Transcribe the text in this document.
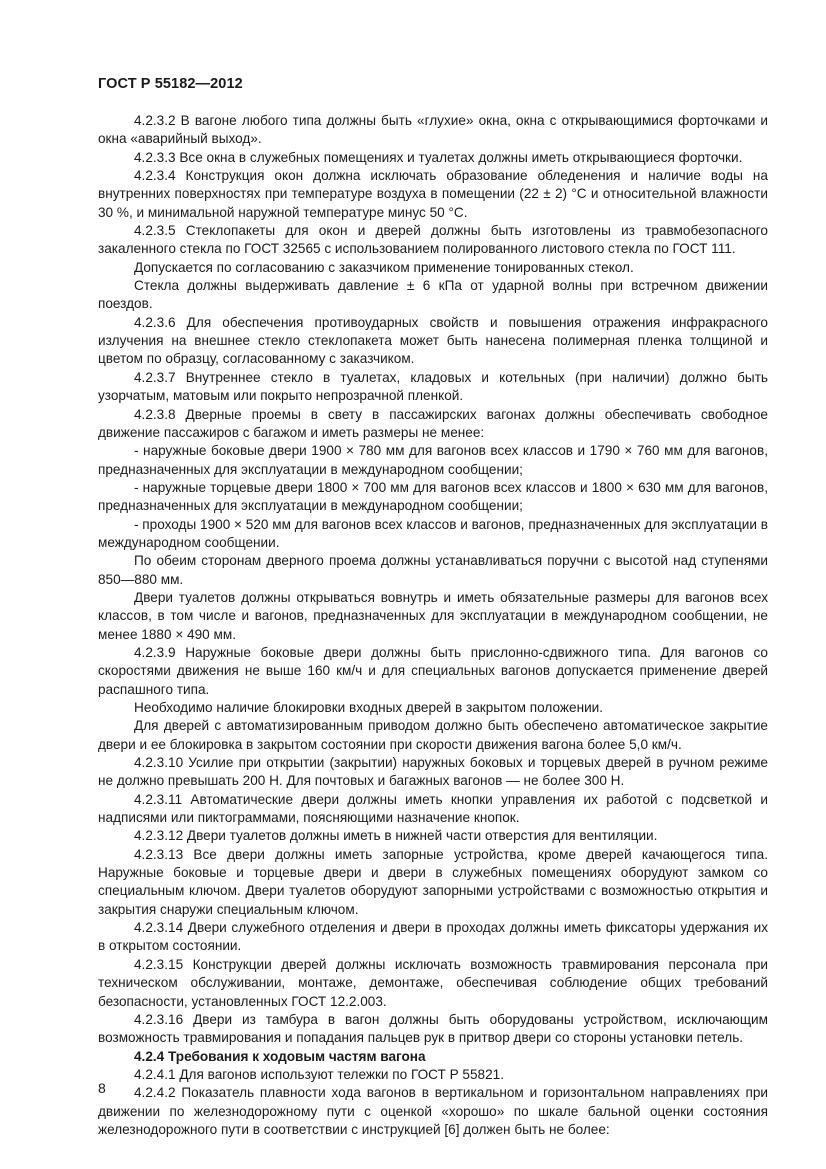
ГОСТ Р 55182—2012

4.2.3.2 В вагоне любого типа должны быть «глухие» окна, окна с открывающимися форточками и окна «аварийный выход».

4.2.3.3 Все окна в служебных помещениях и туалетах должны иметь открывающиеся форточки.

4.2.3.4 Конструкция окон должна исключать образование обледенения и наличие воды на внутренних поверхностях при температуре воздуха в помещении (22 ± 2) °С и относительной влажности 30 %, и минимальной наружной температуре минус 50 °С.

4.2.3.5 Стеклопакеты для окон и дверей должны быть изготовлены из травмобезопасного закаленного стекла по ГОСТ 32565 с использованием полированного листового стекла по ГОСТ 111.

Допускается по согласованию с заказчиком применение тонированных стекол.

Стекла должны выдерживать давление ± 6 кПа от ударной волны при встречном движении поездов.

4.2.3.6 Для обеспечения противоударных свойств и повышения отражения инфракрасного излучения на внешнее стекло стеклопакета может быть нанесена полимерная пленка толщиной и цветом по образцу, согласованному с заказчиком.

4.2.3.7 Внутреннее стекло в туалетах, кладовых и котельных (при наличии) должно быть узорчатым, матовым или покрыто непрозрачной пленкой.

4.2.3.8 Дверные проемы в свету в пассажирских вагонах должны обеспечивать свободное движение пассажиров с багажом и иметь размеры не менее:

- наружные боковые двери 1900 × 780 мм для вагонов всех классов и 1790 × 760 мм для вагонов, предназначенных для эксплуатации в международном сообщении;

- наружные торцевые двери 1800 × 700 мм для вагонов всех классов и 1800 × 630 мм для вагонов, предназначенных для эксплуатации в международном сообщении;

- проходы 1900 × 520 мм для вагонов всех классов и вагонов, предназначенных для эксплуатации в международном сообщении.

По обеим сторонам дверного проема должны устанавливаться поручни с высотой над ступенями 850—880 мм.

Двери туалетов должны открываться вовнутрь и иметь обязательные размеры для вагонов всех классов, в том числе и вагонов, предназначенных для эксплуатации в международном сообщении, не менее 1880 × 490 мм.

4.2.3.9 Наружные боковые двери должны быть прислонно-сдвижного типа. Для вагонов со скоростями движения не выше 160 км/ч и для специальных вагонов допускается применение дверей распашного типа.

Необходимо наличие блокировки входных дверей в закрытом положении.

Для дверей с автоматизированным приводом должно быть обеспечено автоматическое закрытие двери и ее блокировка в закрытом состоянии при скорости движения вагона более 5,0 км/ч.

4.2.3.10 Усилие при открытии (закрытии) наружных боковых и торцевых дверей в ручном режиме не должно превышать 200 Н. Для почтовых и багажных вагонов — не более 300 Н.

4.2.3.11 Автоматические двери должны иметь кнопки управления их работой с подсветкой и надписями или пиктограммами, поясняющими назначение кнопок.

4.2.3.12 Двери туалетов должны иметь в нижней части отверстия для вентиляции.

4.2.3.13 Все двери должны иметь запорные устройства, кроме дверей качающегося типа. Наружные боковые и торцевые двери и двери в служебных помещениях оборудуют замком со специальным ключом. Двери туалетов оборудуют запорными устройствами с возможностью открытия и закрытия снаружи специальным ключом.

4.2.3.14 Двери служебного отделения и двери в проходах должны иметь фиксаторы удержания их в открытом состоянии.

4.2.3.15 Конструкции дверей должны исключать возможность травмирования персонала при техническом обслуживании, монтаже, демонтаже, обеспечивая соблюдение общих требований безопасности, установленных ГОСТ 12.2.003.

4.2.3.16 Двери из тамбура в вагон должны быть оборудованы устройством, исключающим возможность травмирования и попадания пальцев рук в притвор двери со стороны установки петель.

4.2.4 Требования к ходовым частям вагона

4.2.4.1 Для вагонов используют тележки по ГОСТ Р 55821.

4.2.4.2 Показатель плавности хода вагонов в вертикальном и горизонтальном направлениях при движении по железнодорожному пути с оценкой «хорошо» по шкале бальной оценки состояния железнодорожного пути в соответствии с инструкцией [6] должен быть не более:

8
